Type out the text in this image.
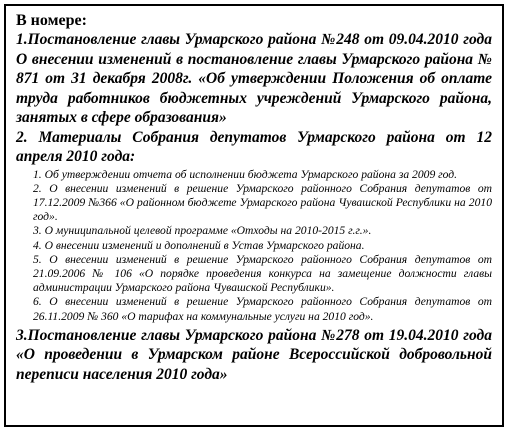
В номере:

1.Постановление главы Урмарского района №248 от 09.04.2010 года О внесении изменений в постановление главы Урмарского района № 871 от 31 декабря 2008г. «Об утверждении Положения об оплате труда работников бюджетных учреждений Урмарского района, занятых в сфере образования»

2. Материалы Собрания депутатов Урмарского района от 12 апреля 2010 года:

1. Об утверждении отчета об исполнении бюджета Урмарского района за 2009 год.
2. О внесении изменений в решение Урмарского районного Собрания депутатов от 17.12.2009 №366 «О районном бюджете Урмарского района Чувашской Республики на 2010 год».
3. О муниципальной целевой программе «Отходы на 2010-2015 г.г.».
4. О внесении изменений и дополнений в Устав Урмарского района.
5. О внесении изменений в решение Урмарского районного Собрания депутатов от 21.09.2006 № 106 «О порядке проведения конкурса на замещение должности главы администрации Урмарского района Чувашской Республики».
6. О внесении изменений в решение Урмарского районного Собрания депутатов от 26.11.2009 № 360 «О тарифах на коммунальные услуги на 2010 год».

3.Постановление главы Урмарского района №278 от 19.04.2010 года «О проведении в Урмарском районе Всероссийской добровольной переписи населения 2010 года»
